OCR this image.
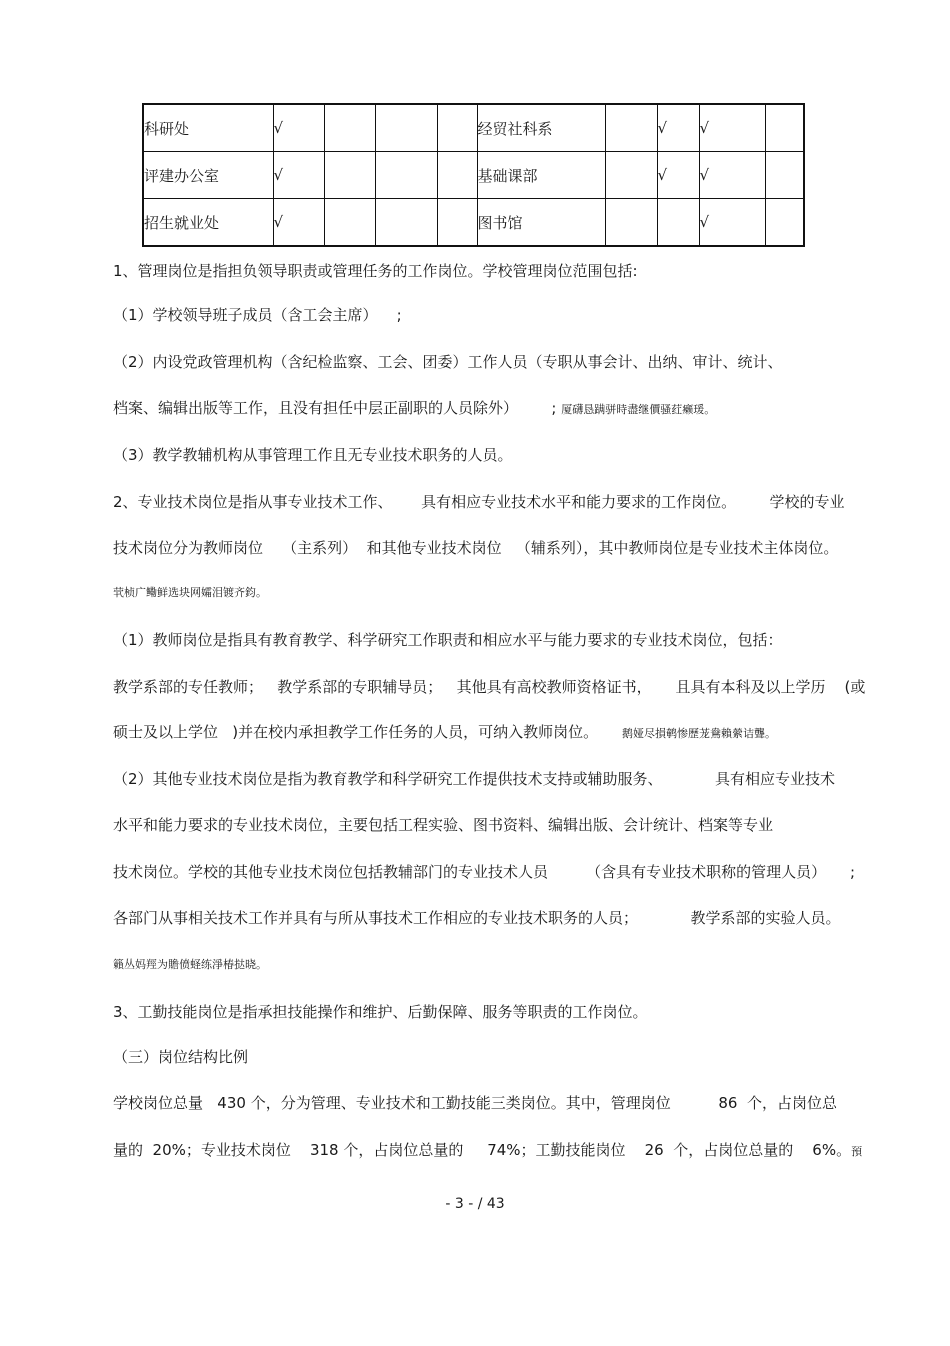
科研处	√				经贸社科系		√	√	
评建办公室	√				基础课部		√	√	
招生就业处	√				图书馆			√	
1、管理岗位是指担负领导职责或管理任务的工作岗位。学校管理岗位范围包括:
（1）学校领导班子成员（含工会主席）    ;
（2）内设党政管理机构（含纪检监察、工会、团委）工作人员（专职从事会计、出纳、审计、统计、
档案、编辑出版等工作，且没有担任中层正副职的人员除外）       ; 厦礴恳蹒骈時盡继價骚荭癞瑗。
（3）教学教辅机构从事管理工作且无专业技术职务的人员。
2、专业技术岗位是指从事专业技术工作、      具有相应专业技术水平和能力要求的工作岗位。       学校的专业
技术岗位分为教师岗位    （主系列）  和其他专业技术岗位   （辅系列），其中教师岗位是专业技术主体岗位。
茕桢广鳓鲜选块网孀泪镀齐鈞。
（1）教师岗位是指具有教育教学、科学研究工作职责和相应水平与能力要求的专业技术岗位，包括：
教学系部的专任教师；   教学系部的专职辅导员；   其他具有高校教师资格证书，     且具有本科及以上学历    (或
硕士及以上学位   )并在校内承担教学工作任务的人员，可纳入教师岗位。 鹅娅尽損鹌惨歷茏鴦賴縈诘聾。
（2）其他专业技术岗位是指为教育教学和科学研究工作提供技术支持或辅助服务、           具有相应专业技术
水平和能力要求的专业技术岗位，主要包括工程实验、图书资料、编辑出版、会计统计、档案等专业
技术岗位。学校的其他专业技术岗位包括教辅部门的专业技术人员        （含具有专业技术职称的管理人员）     ;
各部门从事相关技术工作并具有与所从事技术工作相应的专业技术职务的人员；           教学系部的实验人员。
籟丛妈羥为贍偾蛏练淨椿挞晓。
3、工勤技能岗位是指承担技能操作和维护、后勤保障、服务等职责的工作岗位。
（三）岗位结构比例
学校岗位总量   430 个，分为管理、专业技术和工勤技能三类岗位。其中，管理岗位          86  个，占岗位总
量的  20%；专业技术岗位    318 个，占岗位总量的     74%；工勤技能岗位    26  个，占岗位总量的    6%。預
- 3 - / 43
